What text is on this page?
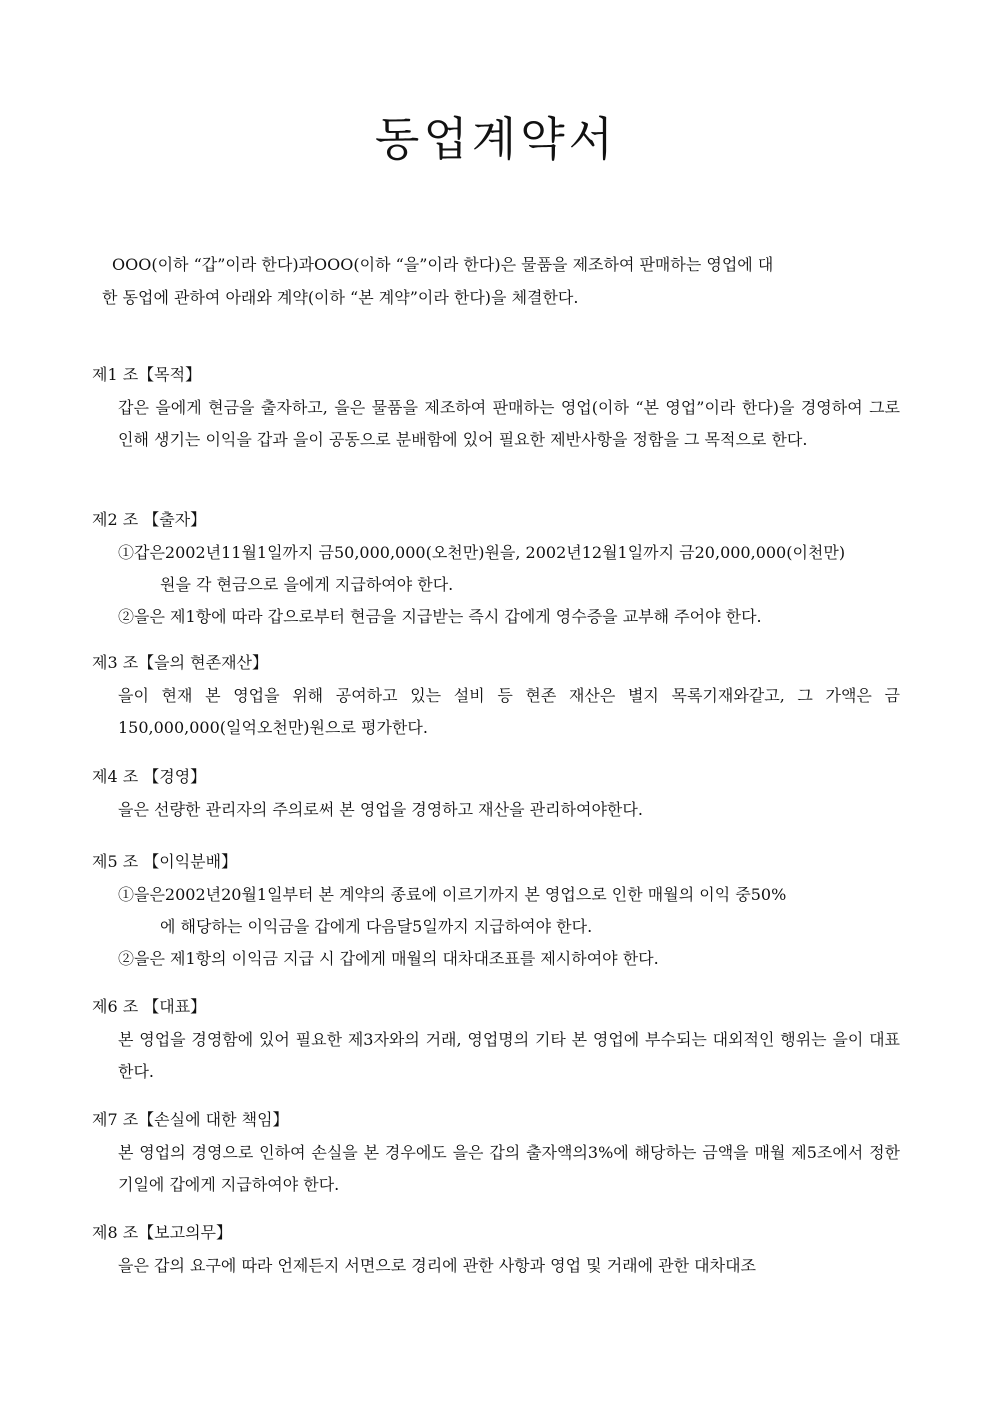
동업계약서

OOO(이하 “갑”이라 한다)과OOO(이하 “을”이라 한다)은 물품을 제조하여 판매하는 영업에 대
한 동업에 관하여 아래와 계약(이하 “본 계약”이라 한다)을 체결한다.

제1 조【목적】

갑은 을에게 현금을 출자하고, 을은 물품을 제조하여 판매하는 영업(이하 “본 영업”이라 한다)을 경영하여 그로 인해 생기는 이익을 갑과 을이 공동으로 분배함에 있어 필요한 제반사항을 정함을 그 목적으로 한다.

제2 조 【출자】

①갑은2002년11월1일까지 금50,000,000(오천만)원을, 2002년12월1일까지 금20,000,000(이천만)
원을 각 현금으로 을에게 지급하여야 한다.

②을은 제1항에 따라 갑으로부터 현금을 지급받는 즉시 갑에게 영수증을 교부해 주어야 한다.

제3 조【을의 현존재산】

을이 현재 본 영업을 위해 공여하고 있는 설비 등 현존 재산은 별지 목록기재와같고, 그 가액은 금150,000,000(일억오천만)원으로 평가한다.

제4 조 【경영】

을은 선량한 관리자의 주의로써 본 영업을 경영하고 재산을 관리하여야한다.

제5 조 【이익분배】

①을은2002년20월1일부터 본 계약의 종료에 이르기까지 본 영업으로 인한 매월의 이익 중50%
에 해당하는 이익금을 갑에게 다음달5일까지 지급하여야 한다.

②을은 제1항의 이익금 지급 시 갑에게 매월의 대차대조표를 제시하여야 한다.

제6 조 【대표】

본 영업을 경영함에 있어 필요한 제3자와의 거래, 영업명의 기타 본 영업에 부수되는 대외적인 행위는 을이 대표한다.

제7 조【손실에 대한 책임】

본 영업의 경영으로 인하여 손실을 본 경우에도 을은 갑의 출자액의3%에 해당하는 금액을 매월 제5조에서 정한 기일에 갑에게 지급하여야 한다.

제8 조【보고의무】

을은 갑의 요구에 따라 언제든지 서면으로 경리에 관한 사항과 영업 및 거래에 관한 대차대조
